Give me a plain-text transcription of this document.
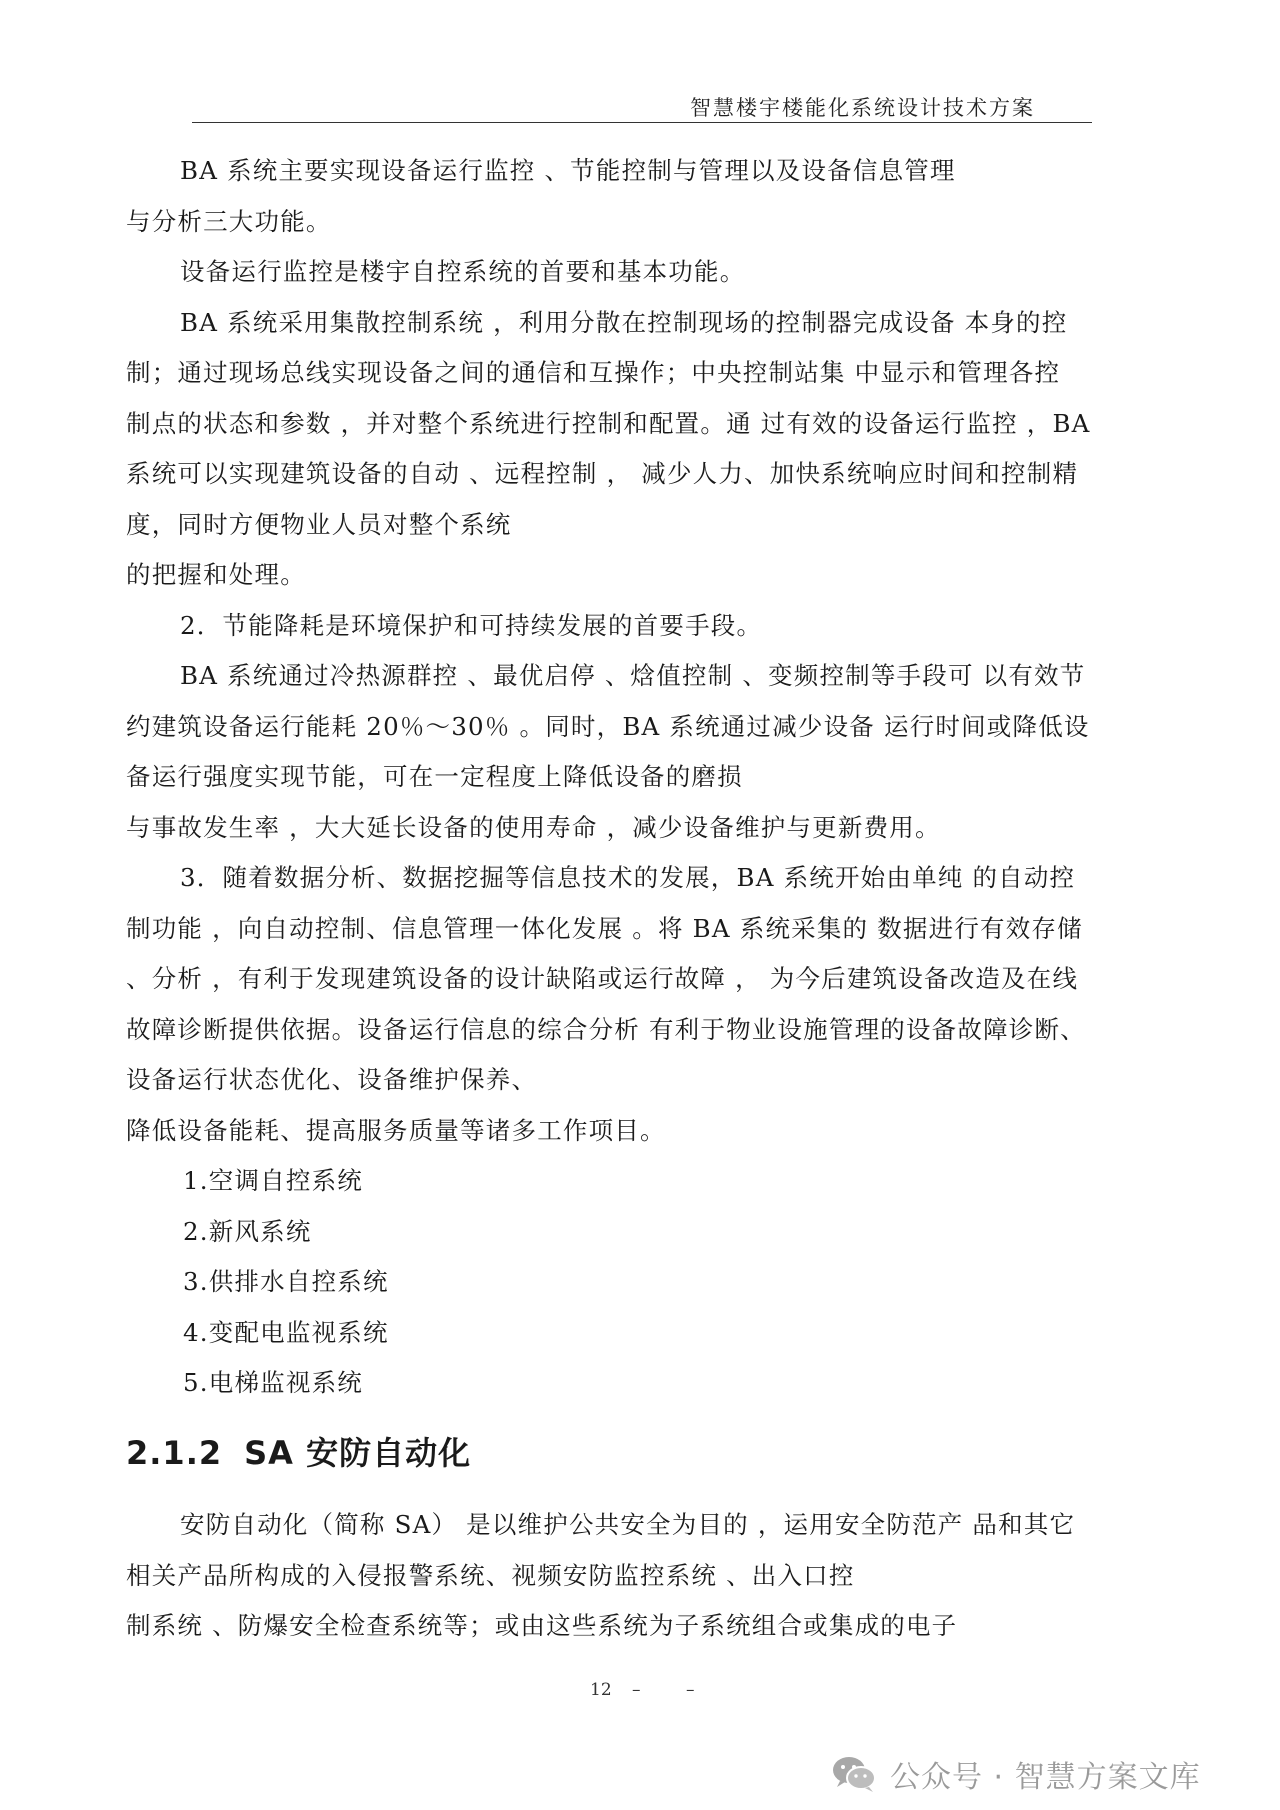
智慧楼宇楼能化系统设计技术方案
BA 系统主要实现设备运行监控 、节能控制与管理以及设备信息管理
与分析三大功能。
设备运行监控是楼宇自控系统的首要和基本功能。
BA 系统采用集散控制系统 ，利用分散在控制现场的控制器完成设备 本身的控
制；通过现场总线实现设备之间的通信和互操作；中央控制站集 中显示和管理各控
制点的状态和参数 ，并对整个系统进行控制和配置。通 过有效的设备运行监控 ，BA
系统可以实现建筑设备的自动 、远程控制 ， 减少人力、加快系统响应时间和控制精
度，同时方便物业人员对整个系统
的把握和处理。
2．节能降耗是环境保护和可持续发展的首要手段。
BA 系统通过冷热源群控 、最优启停 、焓值控制 、变频控制等手段可 以有效节
约建筑设备运行能耗 20％～30％ 。同时，BA 系统通过减少设备 运行时间或降低设
备运行强度实现节能，可在一定程度上降低设备的磨损
与事故发生率 ，大大延长设备的使用寿命 ，减少设备维护与更新费用。
3．随着数据分析、数据挖掘等信息技术的发展，BA 系统开始由单纯 的自动控
制功能 ，向自动控制、信息管理一体化发展 。将 BA 系统采集的 数据进行有效存储
、分析 ，有利于发现建筑设备的设计缺陷或运行故障 ， 为今后建筑设备改造及在线
故障诊断提供依据。设备运行信息的综合分析 有利于物业设施管理的设备故障诊断、
设备运行状态优化、设备维护保养、
降低设备能耗、提高服务质量等诸多工作项目。
1.空调自控系统
2.新风系统
3.供排水自控系统
4.变配电监视系统
5.电梯监视系统
2.1.2 SA 安防自动化
安防自动化（简称 SA） 是以维护公共安全为目的 ，运用安全防范产 品和其它
相关产品所构成的入侵报警系统、视频安防监控系统 、出入口控
制系统 、防爆安全检查系统等；或由这些系统为子系统组合或集成的电子
12 –	–
公众号 · 智慧方案文库
